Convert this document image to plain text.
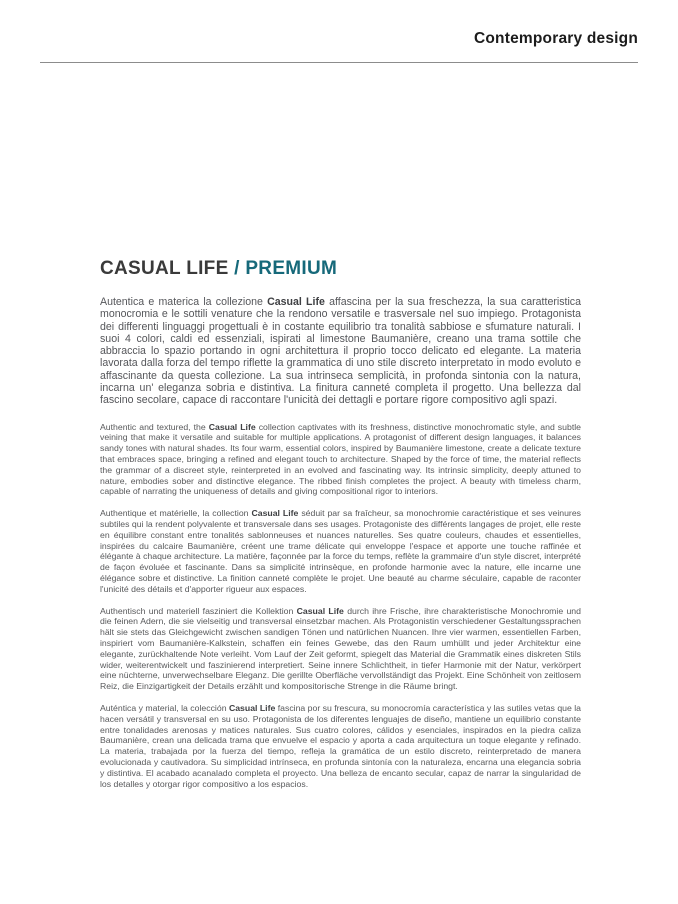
Contemporary design
CASUAL LIFE / PREMIUM

Autentica e materica la collezione Casual Life affascina per la sua freschezza, la sua caratteristica monocromia e le sottili venature che la rendono versatile e trasversale nel suo impiego. Protagonista dei differenti linguaggi progettuali è in costante equilibrio tra tonalità sabbiose e sfumature naturali. I suoi 4 colori, caldi ed essenziali, ispirati al limestone Baumanière, creano una trama sottile che abbraccia lo spazio portando in ogni architettura il proprio tocco delicato ed elegante. La materia lavorata dalla forza del tempo riflette la grammatica di uno stile discreto interpretato in modo evoluto e affascinante da questa collezione. La sua intrinseca semplicità, in profonda sintonia con la natura, incarna un' eleganza sobria e distintiva. La finitura canneté completa il progetto. Una bellezza dal fascino secolare, capace di raccontare l'unicità dei dettagli e portare rigore compositivo agli spazi.

Authentic and textured, the Casual Life collection captivates with its freshness, distinctive monochromatic style, and subtle veining that make it versatile and suitable for multiple applications. A protagonist of different design languages, it balances sandy tones with natural shades. Its four warm, essential colors, inspired by Baumanière limestone, create a delicate texture that embraces space, bringing a refined and elegant touch to architecture. Shaped by the force of time, the material reflects the grammar of a discreet style, reinterpreted in an evolved and fascinating way. Its intrinsic simplicity, deeply attuned to nature, embodies sober and distinctive elegance. The ribbed finish completes the project. A beauty with timeless charm, capable of narrating the uniqueness of details and giving compositional rigor to interiors.

Authentique et matérielle, la collection Casual Life séduit par sa fraîcheur, sa monochromie caractéristique et ses veinures subtiles qui la rendent polyvalente et transversale dans ses usages. Protagoniste des différents langages de projet, elle reste en équilibre constant entre tonalités sablonneuses et nuances naturelles. Ses quatre couleurs, chaudes et essentielles, inspirées du calcaire Baumanière, créent une trame délicate qui enveloppe l'espace et apporte une touche raffinée et élégante à chaque architecture. La matière, façonnée par la force du temps, reflète la grammaire d'un style discret, interprété de façon évoluée et fascinante. Dans sa simplicité intrinsèque, en profonde harmonie avec la nature, elle incarne une élégance sobre et distinctive. La finition canneté complète le projet. Une beauté au charme séculaire, capable de raconter l'unicité des détails et d'apporter rigueur aux espaces.

Authentisch und materiell fasziniert die Kollektion Casual Life durch ihre Frische, ihre charakteristische Monochromie und die feinen Adern, die sie vielseitig und transversal einsetzbar machen. Als Protagonistin verschiedener Gestaltungssprachen hält sie stets das Gleichgewicht zwischen sandigen Tönen und natürlichen Nuancen. Ihre vier warmen, essentiellen Farben, inspiriert vom Baumanière-Kalkstein, schaffen ein feines Gewebe, das den Raum umhüllt und jeder Architektur eine elegante, zurückhaltende Note verleiht. Vom Lauf der Zeit geformt, spiegelt das Material die Grammatik eines diskreten Stils wider, weiterentwickelt und faszinierend interpretiert. Seine innere Schlichtheit, in tiefer Harmonie mit der Natur, verkörpert eine nüchterne, unverwechselbare Eleganz. Die gerillte Oberfläche vervollständigt das Projekt. Eine Schönheit von zeitlosem Reiz, die Einzigartigkeit der Details erzählt und kompositorische Strenge in die Räume bringt.

Auténtica y material, la colección Casual Life fascina por su frescura, su monocromía característica y las sutiles vetas que la hacen versátil y transversal en su uso. Protagonista de los diferentes lenguajes de diseño, mantiene un equilibrio constante entre tonalidades arenosas y matices naturales. Sus cuatro colores, cálidos y esenciales, inspirados en la piedra caliza Baumanière, crean una delicada trama que envuelve el espacio y aporta a cada arquitectura un toque elegante y refinado. La materia, trabajada por la fuerza del tiempo, refleja la gramática de un estilo discreto, reinterpretado de manera evolucionada y cautivadora. Su simplicidad intrínseca, en profunda sintonía con la naturaleza, encarna una elegancia sobria y distintiva. El acabado acanalado completa el proyecto. Una belleza de encanto secular, capaz de narrar la singularidad de los detalles y otorgar rigor compositivo a los espacios.
